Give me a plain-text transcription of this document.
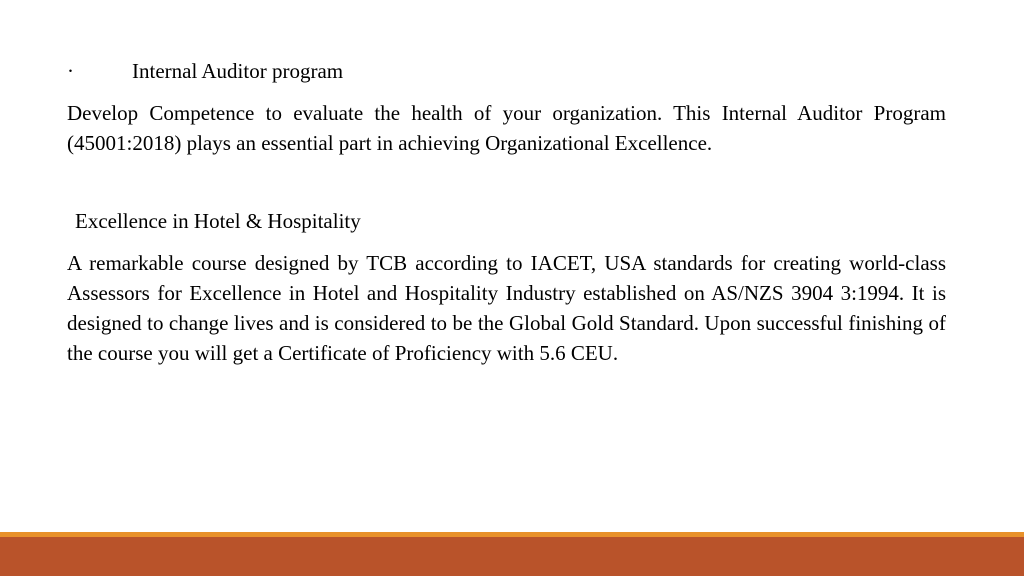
·	Internal Auditor program

Develop Competence to evaluate the health of your organization. This Internal Auditor Program (45001:2018) plays an essential part in achieving Organizational Excellence.

Excellence in Hotel & Hospitality

A remarkable course designed by TCB according to IACET, USA standards for creating world-class Assessors for Excellence in Hotel and Hospitality Industry established on AS/NZS 3904 3:1994. It is designed to change lives and is considered to be the Global Gold Standard. Upon successful finishing of the course you will get a Certificate of Proficiency with 5.6 CEU.
